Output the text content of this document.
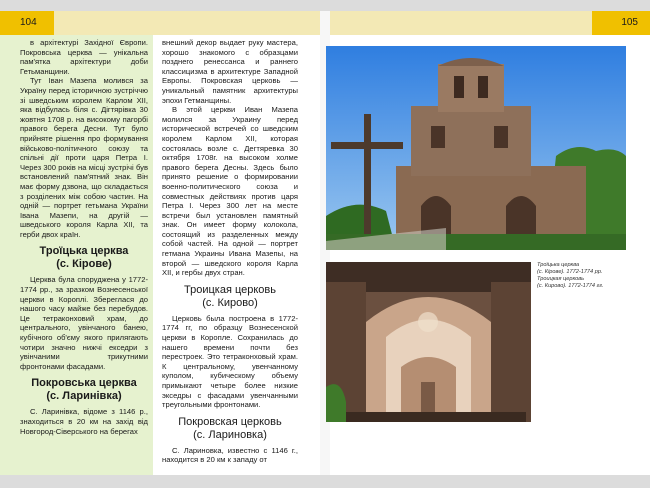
104	105

в архітектурі Західної Європи. Покровська церква — унікальна пам'ятка архітектури доби Гетьманщини.

Тут Іван Мазепа молився за Україну перед історичною зустріччю зі шведським королем Карлом XII, яка відбулась біля с. Дігтярівка 30 жовтня 1708 р. на високому пагорбі правого берега Десни. Тут було прийняте рішення про формування військово-політичного союзу та спільні дії проти царя Петра І. Через 300 років на місці зустрічі був встановлений пам'ятний знак. Він має форму дзвона, що складається з розділених між собою частин. На одній — портрет гетьмана України Івана Мазепи, на другій — шведського короля Карла XII, та герби двох країн.

Троїцька церква
(с. Кірове)

Церква була споруджена у 1772-1774 рр., за зразком Вознесенської церкви в Короплі. Збереглася до нашого часу майже без перебудов. Це тетраконховий храм, до центрального, увінчаного банею, кубічного об'єму якого прилягають чотири значно нижчі екседри з увінчаними трикутними фронтонами фасадами.

Покровська церква
(с. Ларинівка)

С. Ларинівка, відоме з 1146 р., знаходиться в 20 км на захід від Новгород-Сіверського на берегах

внешний декор выдает руку мастера, хорошо знакомого с образцами позднего ренессанса и раннего классицизма в архитектуре Западной Европы. Покровская церковь — уникальный памятник архитектуры эпохи Гетманщины.

В этой церкви Иван Мазепа молился за Украину перед исторической встречей со шведским королем Карлом XII, которая состоялась возле с. Дегтяревка 30 октября 1708г. на высоком холме правого берега Десны. Здесь было принято решение о формировании военно-политического союза и совместных действиях против царя Петра I. Через 300 лет на месте встречи был установлен памятный знак. Он имеет форму колокола, состоящий из разделенных между собой частей. На одной — портрет гетмана Украины Ивана Мазепы, на второй — шведского короля Карла XII, и гербы двух стран.

Троицкая церковь
(с. Кирово)

Церковь была построена в 1772-1774 гг, по образцу Вознесенской церкви в Короплe. Сохранилась до нашего времени почти без перестроек. Это тетраконховый храм. К центральному, увенчанному куполом, кубическому объему примыкают четыре более низкие экседры с фасадами увенчанными треугольными фронтонами.

Покровская церковь
(с. Лариновка)

С. Лариновка, известно с 1146 г., находится в 20 км к западу от

Троїцька церква
(с. Кірове). 1772-1774 рр.
Троицкая церковь
(с. Кирово). 1772-1774 гг.
